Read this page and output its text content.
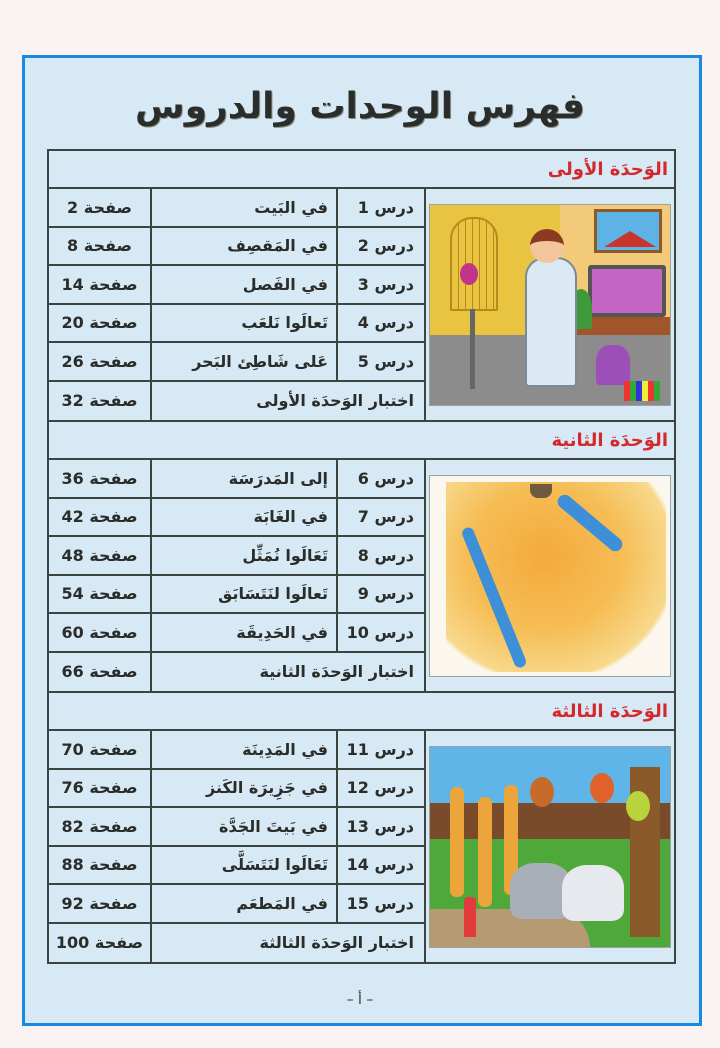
فهرس الوحدات والدروس
الوَحدَة الأولى
صفحة 2	في البَيت	درس 1
صفحة 8	في المَقصِف	درس 2
صفحة 14	في الفَصل	درس 3
صفحة 20	تَعالَوا نَلعَب	درس 4
صفحة 26	عَلى شَاطِئ البَحر	درس 5
صفحة 32	اختبار الوَحدَة الأولى
الوَحدَة الثانية
صفحة 36	إلى المَدرَسَة	درس 6
صفحة 42	في الغَابَة	درس 7
صفحة 48	تَعَالَوا نُمَثِّل	درس 8
صفحة 54	تَعالَوا لنَتَسَابَق	درس 9
صفحة 60	في الحَدِيقَة	درس 10
صفحة 66	اختبار الوَحدَة الثانية
الوَحدَة الثالثة
صفحة 70	في المَدِينَة	درس 11
صفحة 76	في جَزِيرَة الكَنز	درس 12
صفحة 82	في بَيتَ الجَدَّة	درس 13
صفحة 88	تَعَالَوا لنَتَسَلَّى	درس 14
صفحة 92	في المَطعَم	درس 15
صفحة 100	اختبار الوَحدَة الثالثة
– أ –
